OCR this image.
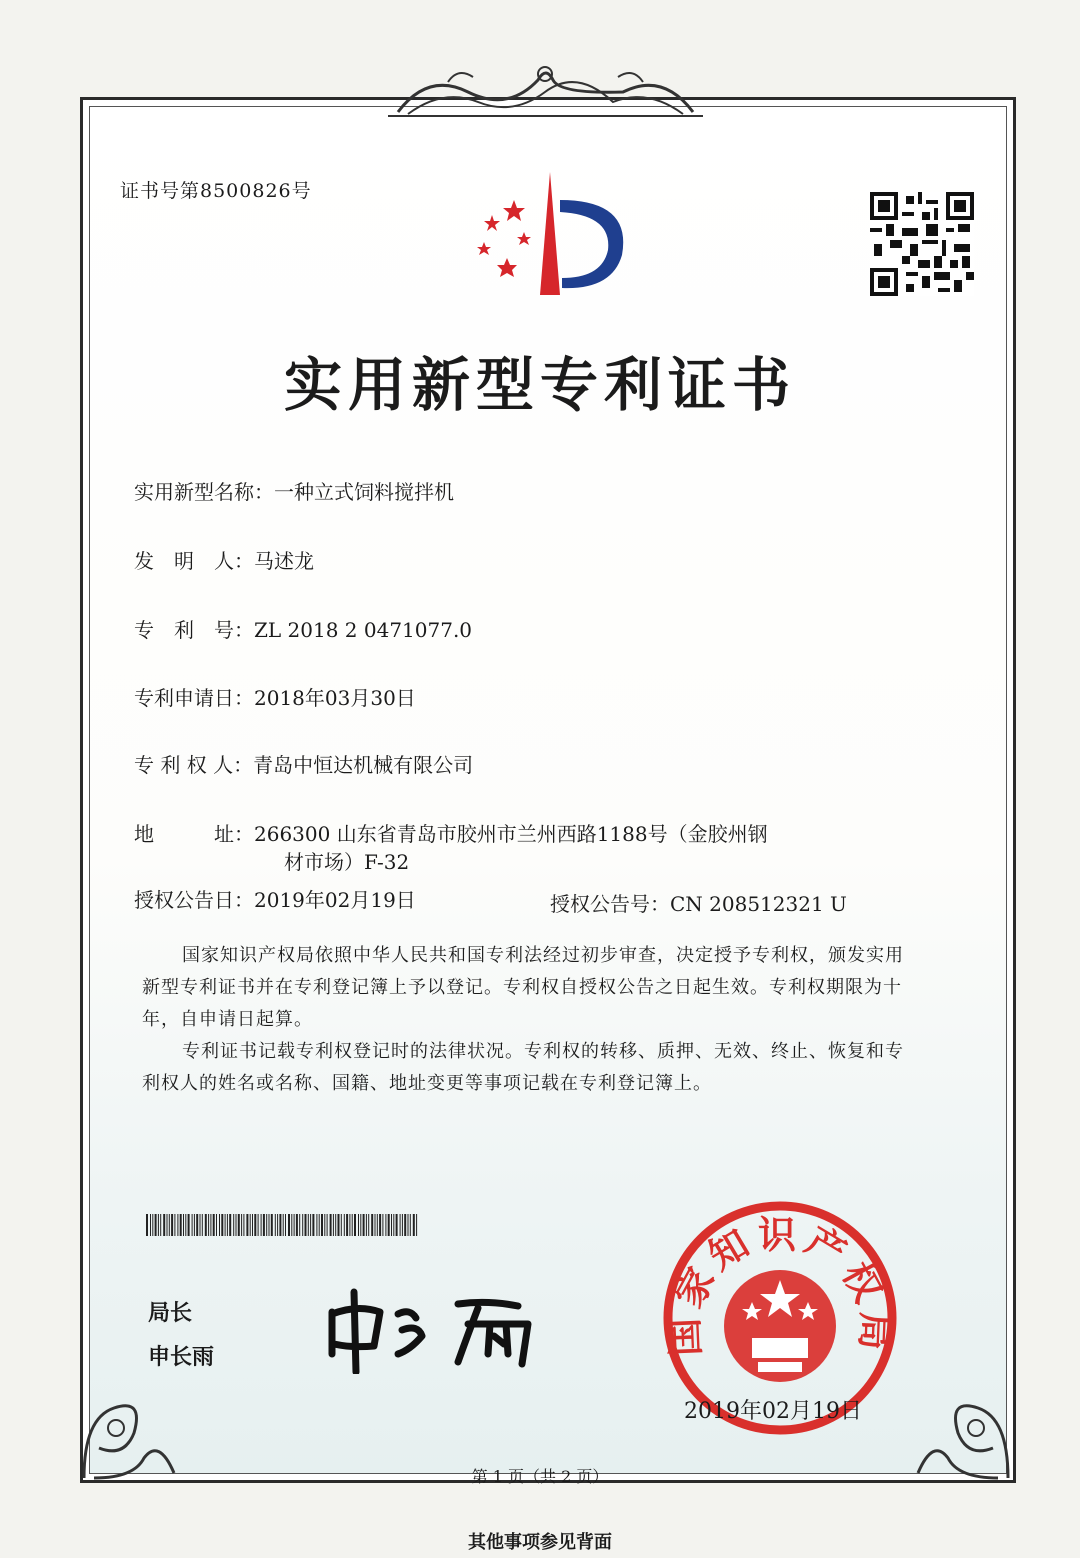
证书号第8500826号
实用新型专利证书
实用新型名称：一种立式饲料搅拌机
发　明　人：马述龙
专　利　号：ZL 2018 2 0471077.0
专利申请日：2018年03月30日
专 利 权 人：青岛中恒达机械有限公司
地　　　址：266300 山东省青岛市胶州市兰州西路1188号（金胶州钢
材市场）F-32
授权公告日：2019年02月19日	授权公告号：CN 208512321 U
国家知识产权局依照中华人民共和国专利法经过初步审查，决定授予专利权，颁发实用
新型专利证书并在专利登记簿上予以登记。专利权自授权公告之日起生效。专利权期限为十
年，自申请日起算。
专利证书记载专利权登记时的法律状况。专利权的转移、质押、无效、终止、恢复和专
利权人的姓名或名称、国籍、地址变更等事项记载在专利登记簿上。
局长
申长雨
国家知识产权局
2019年02月19日
第 1 页（共 2 页）
其他事项参见背面
